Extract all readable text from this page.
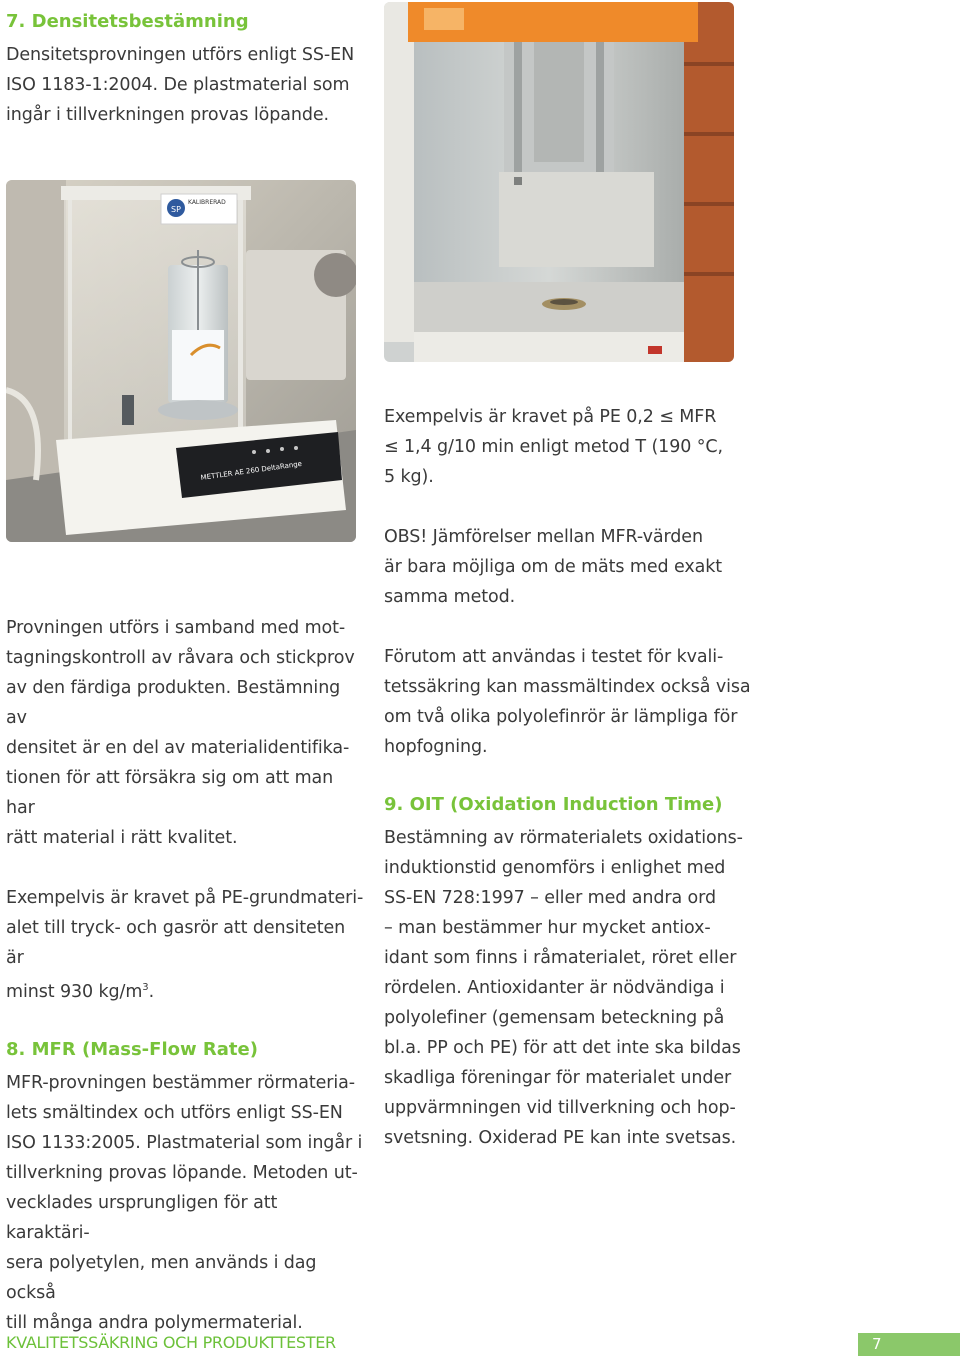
7. Densitetsbestämning

Densitetsprovningen utförs enligt SS-EN
ISO 1183-1:2004. De plastmaterial som
ingår i tillverkningen provas löpande.

SP
KALIBRERAD
METTLER AE 260 DeltaRange

Provningen utförs i samband med mot-
tagningskontroll av råvara och stickprov
av den färdiga produkten. Bestämning av
densitet är en del av materialidentifika-
tionen för att försäkra sig om att man har
rätt material i rätt kvalitet.

Exempelvis är kravet på PE-grundmateri-
alet till tryck- och gasrör att densiteten är
minst 930 $kg/m^3$.

8. MFR (Mass-Flow Rate)

MFR-provningen bestämmer rörmateria-
lets smältindex och utförs enligt SS-EN
ISO 1133:2005. Plastmaterial som ingår i
tillverkning provas löpande. Metoden ut-
vecklades ursprungligen för att karaktäri-
sera polyetylen, men används i dag också
till många andra polymermaterial.

Exempelvis är kravet på PE 0,2 ≤ MFR
≤ 1,4 g/10 min enligt metod T (190 °C,
5 kg).

OBS! Jämförelser mellan MFR-värden
är bara möjliga om de mäts med exakt
samma metod.

Förutom att användas i testet för kvali-
tetssäkring kan massmältindex också visa
om två olika polyolefinrör är lämpliga för
hopfogning.

9. OIT (Oxidation Induction Time)

Bestämning av rörmaterialets oxidations-
induktionstid genomförs i enlighet med
SS-EN 728:1997 – eller med andra ord
– man bestämmer hur mycket antiox-
idant som finns i råmaterialet, röret eller
rördelen. Antioxidanter är nödvändiga i
polyolefiner (gemensam beteckning på
bl.a. PP och PE) för att det inte ska bildas
skadliga föreningar för materialet under
uppvärmningen vid tillverkning och hop-
svetsning. Oxiderad PE kan inte svetsas.

KVALITETSSÄKRING OCH PRODUKTTESTER	7
